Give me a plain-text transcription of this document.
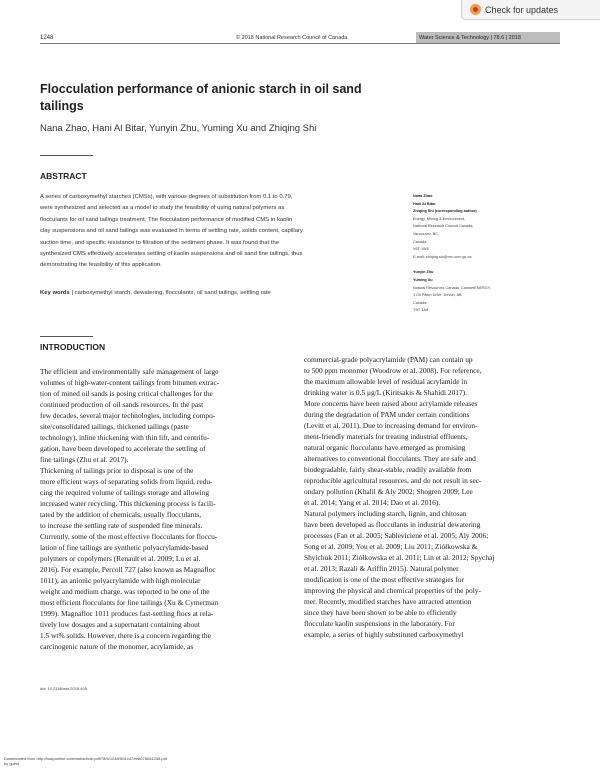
Check for updates
1248	© 2018 National Research Council of Canada	Water Science & Technology | 78.6 | 2018
Flocculation performance of anionic starch in oil sand
tailings
Nana Zhao, Hani Al Bitar, Yunyin Zhu, Yuming Xu and Zhiqing Shi
ABSTRACT
A series of carboxymethyl starches (CMSs), with various degrees of substitution from 0.1 to 0.79,
were synthesized and selected as a model to study the feasibility of using natural polymers as
flocculants for oil sand tailings treatment. The flocculation performance of modified CMS in kaolin
clay suspensions and oil sand tailings was evaluated in terms of settling rate, solids content, capillary
suction time, and specific resistance to filtration of the sediment phase. It was found that the
synthesized CMS effectively accelerates settling of kaolin suspensions and oil sand fine tailings, thus
demonstrating the feasibility of this application.
Key words | carboxymethyl starch, dewatering, flocculants, oil sand tailings, settling rate
Nana Zhao
Hani Al Bitar
Zhiqing Shi (corresponding author)
Energy, Mining & Environment,
National Research Council Canada,
Vancouver, BC,
Canada
V6T 1W5
E-mail: zhiqing.shi@nrc-cnrc.gc.ca
Yunyin Zhu
Yuming Xu
Natural Resources Canada, CanmetENERGY,
1 Oil Patch Drive, Devon, AB,
Canada
T9G 1A8
INTRODUCTION
The efficient and environmentally safe management of large
volumes of high-water-content tailings from bitumen extrac-
tion of mined oil sands is posing critical challenges for the
continued production of oil sands resources. In the past
few decades, several major technologies, including compo-
site/consolidated tailings, thickened tailings (paste
technology), inline thickening with thin lift, and centrifu-
gation, have been developed to accelerate the settling of
fine tailings (Zhu et al. 2017).
Thickening of tailings prior to disposal is one of the
more efficient ways of separating solids from liquid, redu-
cing the required volume of tailings storage and allowing
increased water recycling. This thickening process is facili-
tated by the addition of chemicals, usually flocculants,
to increase the settling rate of suspended fine minerals.
Currently, some of the most effective flocculants for floccu-
lation of fine tailings are synthetic polyacrylamide-based
polymers or copolymers (Renault et al. 2009; Lu et al.
2016). For example, Percoll 727 (also known as Magnafloc
1011), an anionic polyacrylamide with high molecular
weight and medium charge, was reported to be one of the
most efficient flocculants for fine tailings (Xu & Cymerman
1999). Magnafloc 1011 produces fast-settling flocs at rela-
tively low dosages and a supernatant containing about
1.5 wt% solids. However, there is a concern regarding the
carcinogenic nature of the monomer, acrylamide, as
commercial-grade polyacrylamide (PAM) can contain up
to 500 ppm monomer (Woodrow et al. 2008). For reference,
the maximum allowable level of residual acrylamide in
drinking water is 0.5 μg/L (Kiritsakis & Shahidi 2017).
More concerns have been raised about acrylamide releases
during the degradation of PAM under certain conditions
(Levitt et al. 2011). Due to increasing demand for environ-
ment-friendly materials for treating industrial effluents,
natural organic flocculants have emerged as promising
alternatives to conventional flocculants. They are safe and
biodegradable, fairly shear-stable, readily available from
reproducible agricultural resources, and do not result in sec-
ondary pollution (Khalil & Aly 2002; Shogren 2009; Lee
et al. 2014; Yang et al. 2014; Dao et al. 2016).
Natural polymers including starch, lignin, and chitosan
have been developed as flocculants in industrial dewatering
processes (Fan et al. 2005; Sableviciene et al. 2005; Aly 2006;
Song et al. 2009; You et al. 2009; Liu 2011; Ziółkowska &
Shyichuk 2011; Ziółkowska et al. 2011; Lin et al. 2012; Spychaj
et al. 2013; Razali & Ariffin 2015). Natural polymer
modification is one of the most effective strategies for
improving the physical and chemical properties of the poly-
mer. Recently, modified starches have attracted attention
since they have been shown to be able to efficiently
flocculate kaolin suspensions in the laboratory. For
example, a series of highly substituted carboxymethyl
doi: 10.2166/wst.2018.405
Downloaded from http://iwaponline.com/wst/article-pdf/78/6/1248/504447/wst078061248.pdf
by guest
